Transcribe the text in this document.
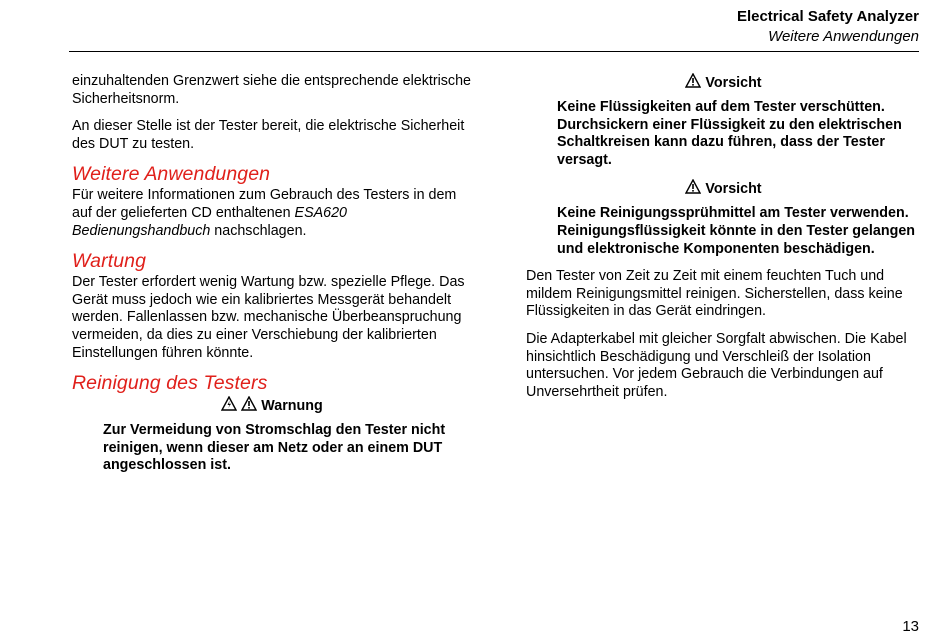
Electrical Safety Analyzer
Weitere Anwendungen

einzuhaltenden Grenzwert siehe die entsprechende elektrische Sicherheitsnorm.

An dieser Stelle ist der Tester bereit, die elektrische Sicherheit des DUT zu testen.

Weitere Anwendungen

Für weitere Informationen zum Gebrauch des Testers in dem auf der gelieferten CD enthaltenen ESA620 Bedienungshandbuch nachschlagen.

Wartung

Der Tester erfordert wenig Wartung bzw. spezielle Pflege. Das Gerät muss jedoch wie ein kalibriertes Messgerät behandelt werden. Fallenlassen bzw. mechanische Überbeanspruchung vermeiden, da dies zu einer Verschiebung der kalibrierten Einstellungen führen könnte.

Reinigung des Testers
Warnung

Zur Vermeidung von Stromschlag den Tester nicht reinigen, wenn dieser am Netz oder an einem DUT angeschlossen ist.

Vorsicht

Keine Flüssigkeiten auf dem Tester verschütten. Durchsickern einer Flüssigkeit zu den elektrischen Schaltkreisen kann dazu führen, dass der Tester versagt.

Vorsicht

Keine Reinigungssprühmittel am Tester verwenden. Reinigungsflüssigkeit könnte in den Tester gelangen und elektronische Komponenten beschädigen.

Den Tester von Zeit zu Zeit mit einem feuchten Tuch und mildem Reinigungsmittel reinigen. Sicherstellen, dass keine Flüssigkeiten in das Gerät eindringen.

Die Adapterkabel mit gleicher Sorgfalt abwischen. Die Kabel hinsichtlich Beschädigung und Verschleiß der Isolation untersuchen. Vor jedem Gebrauch die Verbindungen auf Unversehrtheit prüfen.

13
